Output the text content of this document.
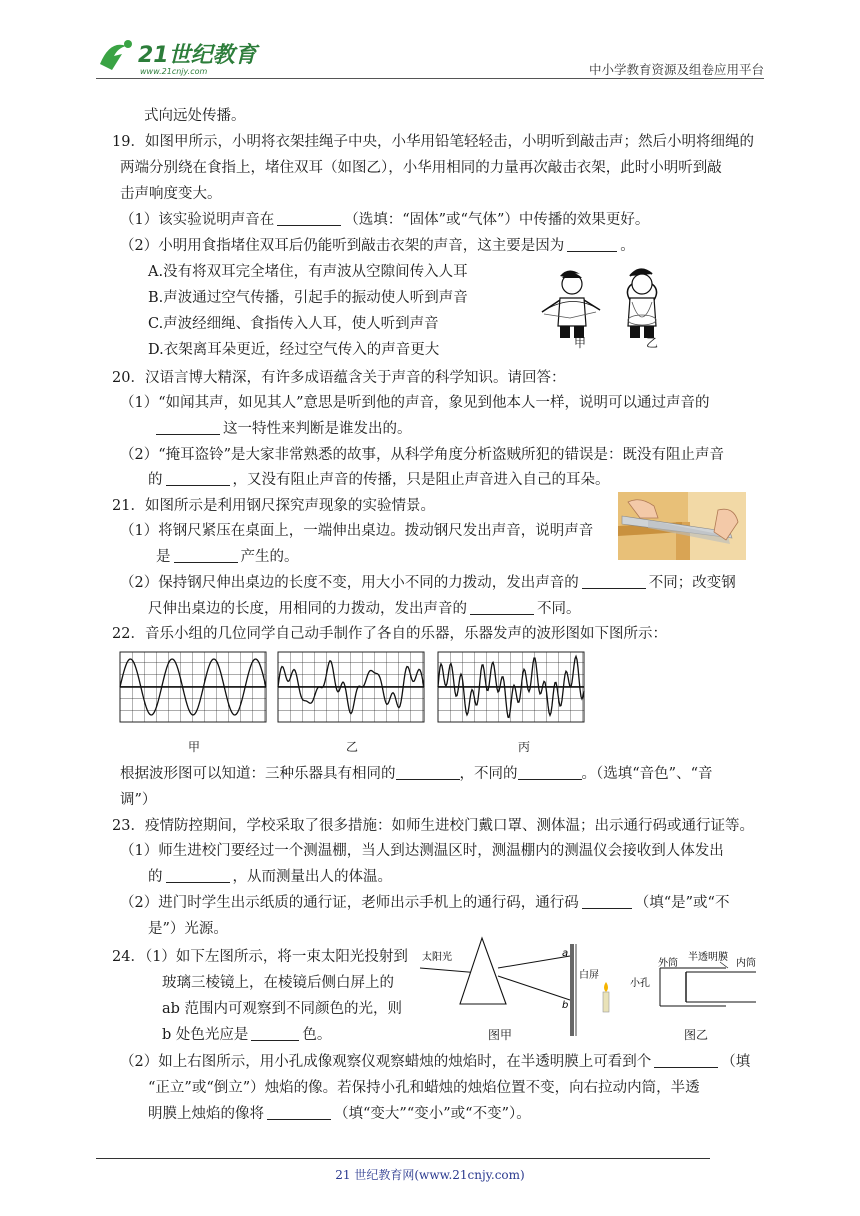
21世纪教育
www.21cnjy.com	中小学教育资源及组卷应用平台
式向远处传播。
19．如图甲所示，小明将衣架挂绳子中央，小华用铅笔轻轻击，小明听到敲击声；然后小明将细绳的
两端分别绕在食指上，堵住双耳（如图乙），小华用相同的力量再次敲击衣架，此时小明听到敲
击声响度变大。
（1）该实验说明声音在	（选填：“固体”或“气体”）中传播的效果更好。
（2）小明用食指堵住双耳后仍能听到敲击衣架的声音，这主要是因为	。
A.没有将双耳完全堵住，有声波从空隙间传入人耳
B.声波通过空气传播，引起手的振动使人听到声音
C.声波经细绳、食指传入人耳，使人听到声音
D.衣架离耳朵更近，经过空气传入的声音更大	甲	乙
20．汉语言博大精深，有许多成语蕴含关于声音的科学知识。请回答：
（1）“如闻其声，如见其人”意思是听到他的声音，象见到他本人一样，说明可以通过声音的
这一特性来判断是谁发出的。
（2）“掩耳盗铃”是大家非常熟悉的故事，从科学角度分析盗贼所犯的错误是：既没有阻止声音
的	，又没有阻止声音的传播，只是阻止声音进入自己的耳朵。
21．如图所示是利用钢尺探究声现象的实验情景。
（1）将钢尺紧压在桌面上，一端伸出桌边。拨动钢尺发出声音，说明声音
是	产生的。
（2）保持钢尺伸出桌边的长度不变，用大小不同的力拨动，发出声音的	不同；改变钢
尺伸出桌边的长度，用相同的力拨动，发出声音的	不同。
22．音乐小组的几位同学自己动手制作了各自的乐器，乐器发声的波形图如下图所示：
甲	乙	丙
根据波形图可以知道：三种乐器具有相同的	，不同的	。（选填“音色”、“音
调”）
23．疫情防控期间，学校采取了很多措施：如师生进校门戴口罩、测体温；出示通行码或通行证等。
（1）师生进校门要经过一个测温棚，当人到达测温区时，测温棚内的测温仪会接收到人体发出
的	，从而测量出人的体温。
（2）进门时学生出示纸质的通行证，老师出示手机上的通行码，通行码	（填“是”或“不
是”）光源。
24．（1）如下左图所示，将一束太阳光投射到
玻璃三棱镜上，在棱镜后侧白屏上的
ab 范围内可观察到不同颜色的光，则
b 处色光应是	色。
太阳光	a
b
白屏
图甲
外筒
半透明膜
内筒
小孔
图乙
（2）如上右图所示，用小孔成像观察仪观察蜡烛的烛焰时，在半透明膜上可看到个	（填
“正立”或“倒立”）烛焰的像。若保持小孔和蜡烛的烛焰位置不变，向右拉动内筒，半透
明膜上烛焰的像将	（填“变大”“变小”或“不变”）。
21 世纪教育网(www.21cnjy.com)
